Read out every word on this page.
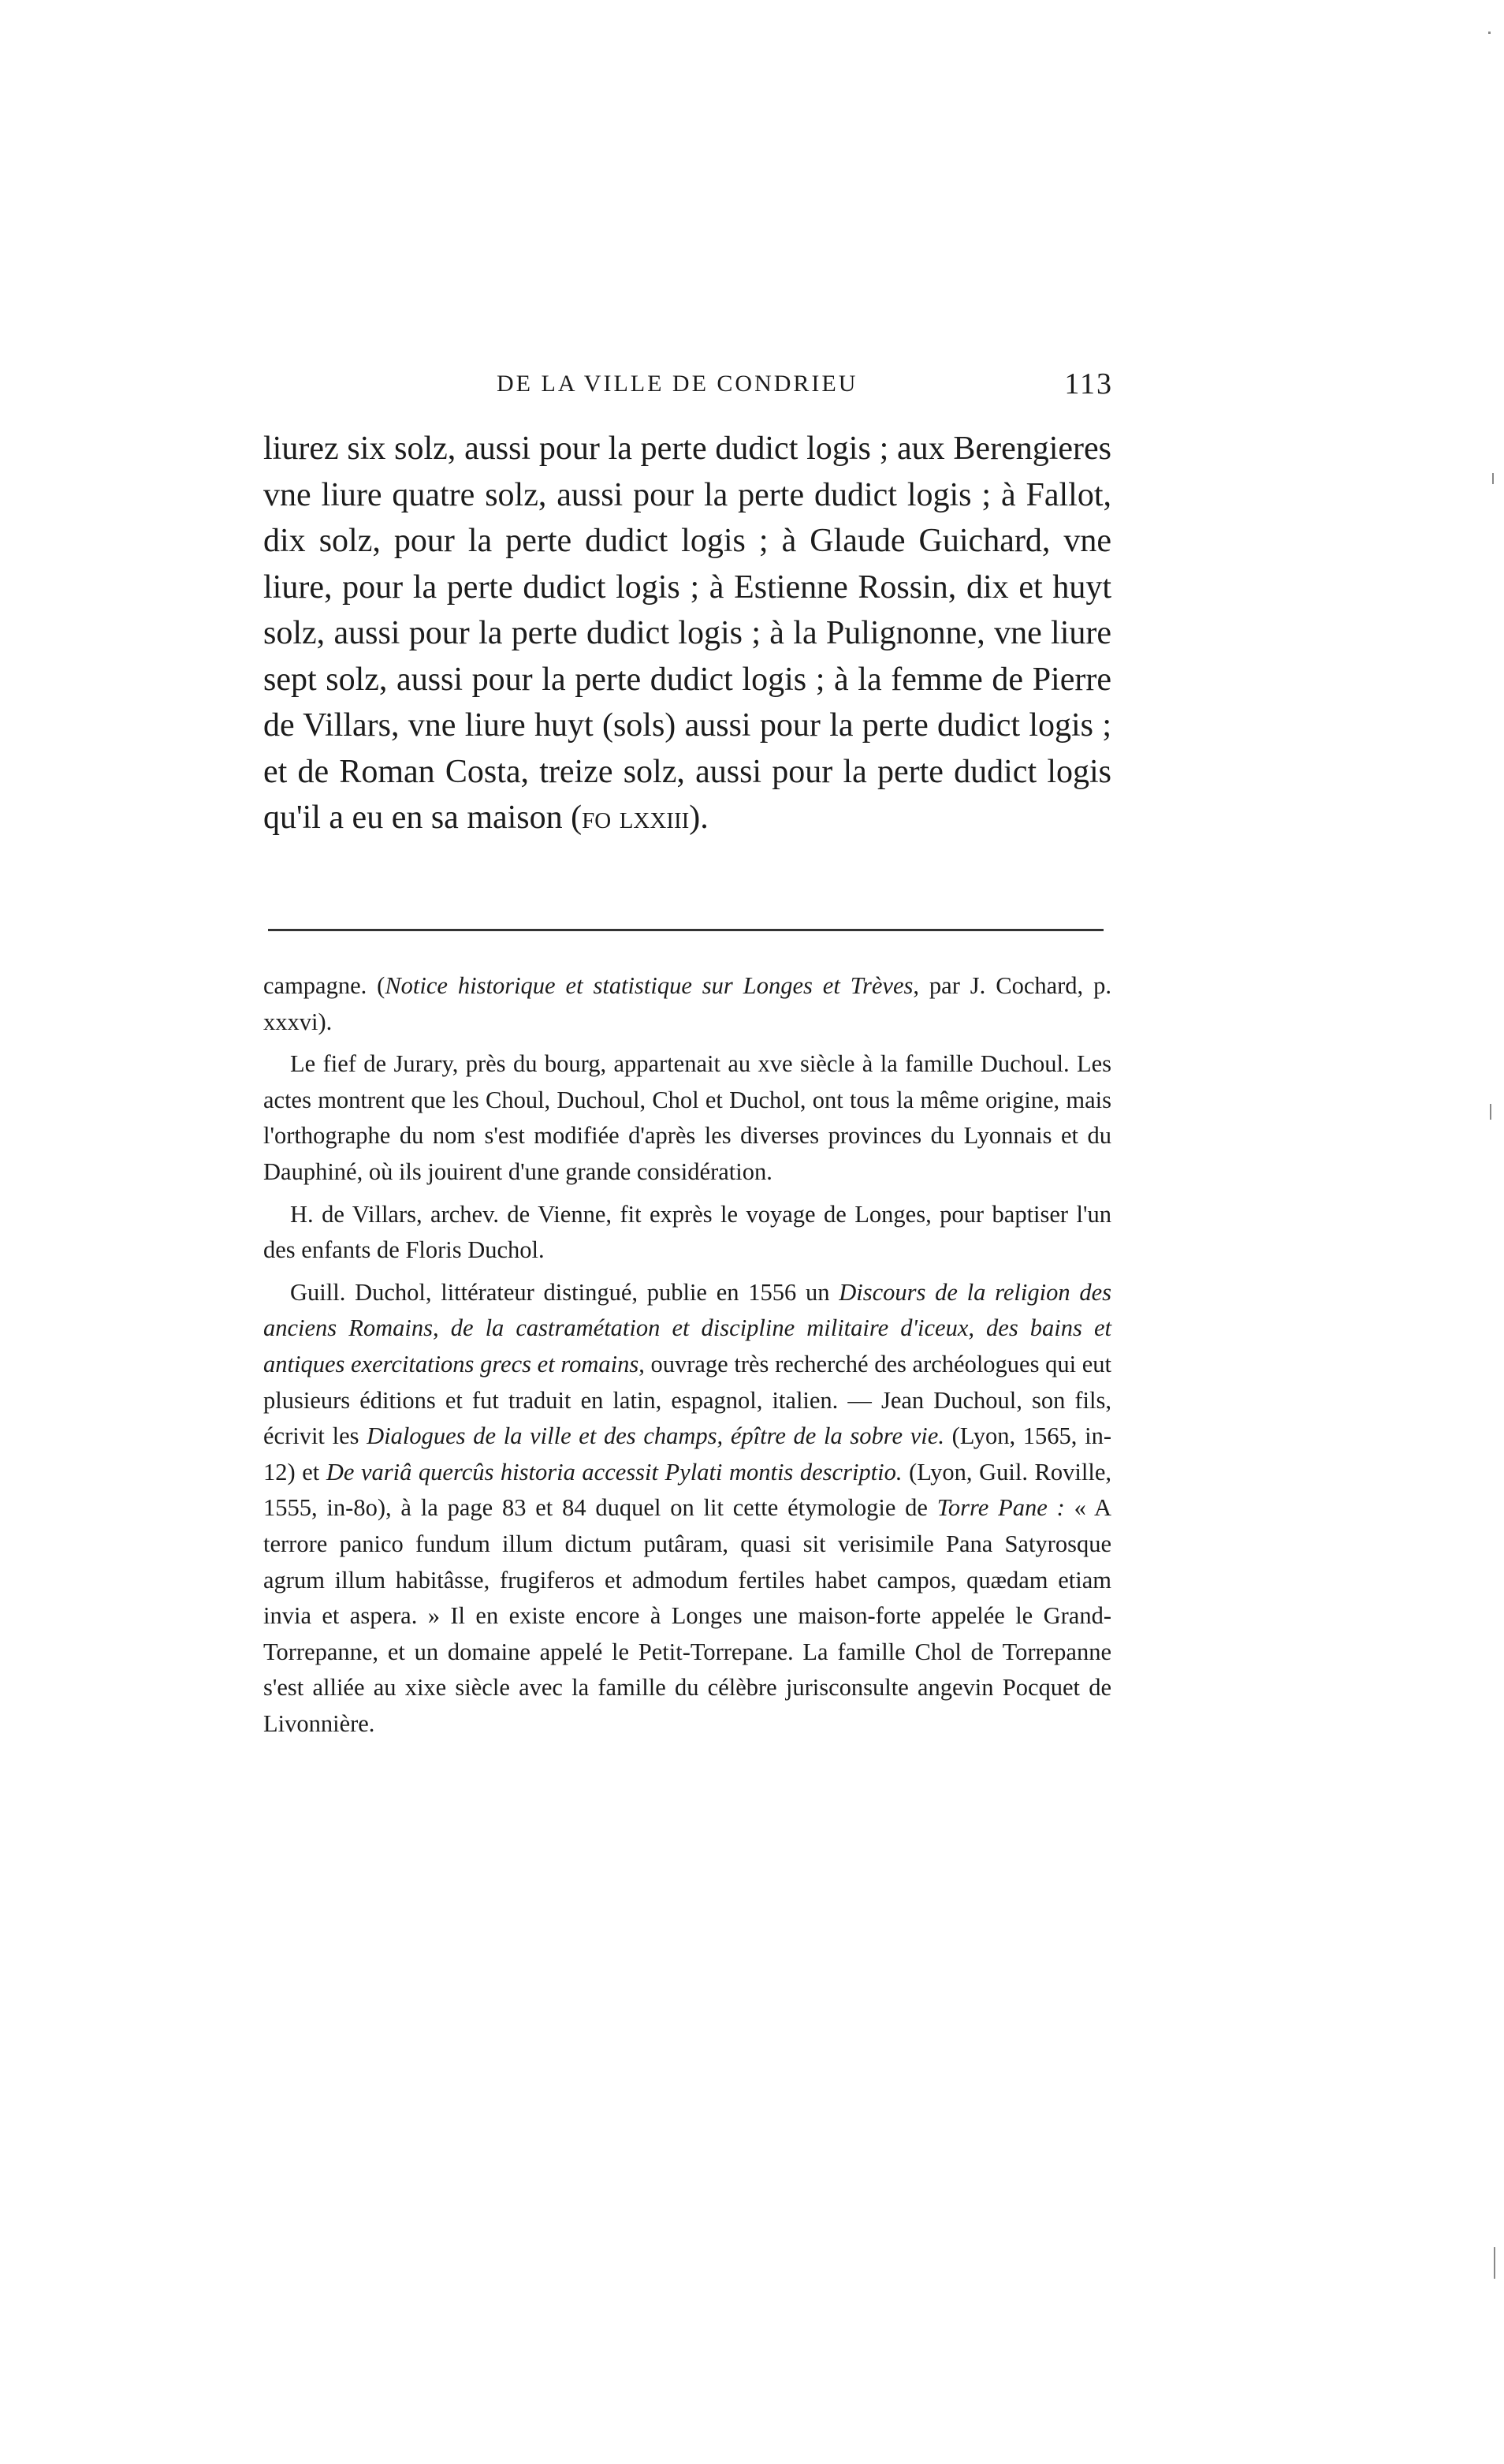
DE LA VILLE DE CONDRIEU	113

liurez six solz, aussi pour la perte dudict logis ; aux Berengieres vne liure quatre solz, aussi pour la perte dudict logis ; à Fallot, dix solz, pour la perte dudict logis ; à Glaude Guichard, vne liure, pour la perte dudict logis ; à Estienne Rossin, dix et huyt solz, aussi pour la perte dudict logis ; à la Pulignonne, vne liure sept solz, aussi pour la perte dudict logis ; à la femme de Pierre de Villars, vne liure huyt (sols) aussi pour la perte dudict logis ; et de Roman Costa, treize solz, aussi pour la perte dudict logis qu'il a eu en sa maison (fo lxxiii).

campagne. (Notice historique et statistique sur Longes et Trèves, par J. Cochard, p. xxxvi).

Le fief de Jurary, près du bourg, appartenait au xve siècle à la famille Duchoul. Les actes montrent que les Choul, Duchoul, Chol et Duchol, ont tous la même origine, mais l'orthographe du nom s'est modifiée d'après les diverses provinces du Lyonnais et du Dauphiné, où ils jouirent d'une grande considération.

H. de Villars, archev. de Vienne, fit exprès le voyage de Longes, pour baptiser l'un des enfants de Floris Duchol.

Guill. Duchol, littérateur distingué, publie en 1556 un Discours de la religion des anciens Romains, de la castramétation et discipline militaire d'iceux, des bains et antiques exercitations grecs et romains, ouvrage très recherché des archéologues qui eut plusieurs éditions et fut traduit en latin, espagnol, italien. — Jean Duchoul, son fils, écrivit les Dialogues de la ville et des champs, épître de la sobre vie. (Lyon, 1565, in-12) et De variâ quercûs historia accessit Pylati montis descriptio. (Lyon, Guil. Roville, 1555, in-8o), à la page 83 et 84 duquel on lit cette étymologie de Torre Pane : « A terrore panico fundum illum dictum putâram, quasi sit verisimile Pana Satyrosque agrum illum habitâsse, frugiferos et admodum fertiles habet campos, quædam etiam invia et aspera. » Il en existe encore à Longes une maison-forte appelée le Grand-Torrepanne, et un domaine appelé le Petit-Torrepane. La famille Chol de Torrepanne s'est alliée au xixe siècle avec la famille du célèbre jurisconsulte angevin Pocquet de Livonnière.
